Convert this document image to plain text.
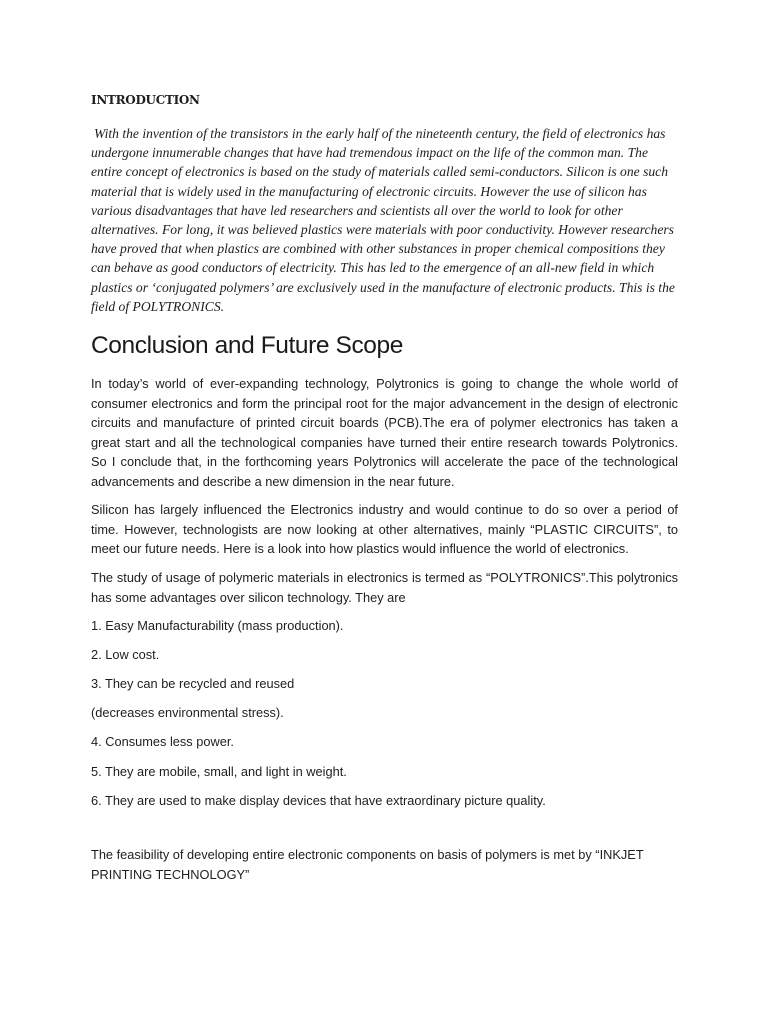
INTRODUCTION

With the invention of the transistors in the early half of the nineteenth century, the field of electronics has undergone innumerable changes that have had tremendous impact on the life of the common man. The entire concept of electronics is based on the study of materials called semi-conductors. Silicon is one such material that is widely used in the manufacturing of electronic circuits. However the use of silicon has various disadvantages that have led researchers and scientists all over the world to look for other alternatives. For long, it was believed plastics were materials with poor conductivity. However researchers have proved that when plastics are combined with other substances in proper chemical compositions they can behave as good conductors of electricity. This has led to the emergence of an all-new field in which plastics or ‘conjugated polymers’ are exclusively used in the manufacture of electronic products. This is the field of POLYTRONICS.

Conclusion and Future Scope

In today’s world of ever-expanding technology, Polytronics is going to change the whole world of consumer electronics and form the principal root for the major advancement in the design of electronic circuits and manufacture of printed circuit boards (PCB).The era of polymer electronics has taken a great start and all the technological companies have turned their entire research towards Polytronics. So I conclude that, in the forthcoming years Polytronics will accelerate the pace of the technological advancements and describe a new dimension in the near future.

Silicon has largely influenced the Electronics industry and would continue to do so over a period of time. However, technologists are now looking at other alternatives, mainly “PLASTIC CIRCUITS”, to meet our future needs. Here is a look into how plastics would influence the world of electronics.

The study of usage of polymeric materials in electronics is termed as “POLYTRONICS”.This polytronics has some advantages over silicon technology. They are

1. Easy Manufacturability (mass production).

2. Low cost.

3. They can be recycled and reused

(decreases environmental stress).

4. Consumes less power.

5. They are mobile, small, and light in weight.

6. They are used to make display devices that have extraordinary picture quality.

The feasibility of developing entire electronic components on basis of polymers is met by “INKJET PRINTING TECHNOLOGY”
